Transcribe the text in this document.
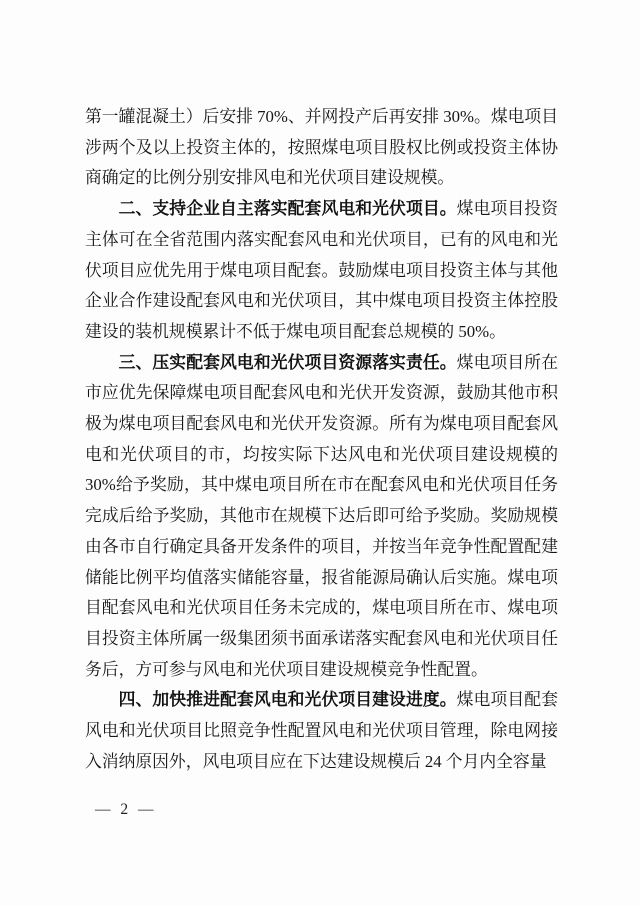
第一罐混凝土）后安排 70%、并网投产后再安排 30%。煤电项目涉两个及以上投资主体的，按照煤电项目股权比例或投资主体协商确定的比例分别安排风电和光伏项目建设规模。

二、支持企业自主落实配套风电和光伏项目。煤电项目投资主体可在全省范围内落实配套风电和光伏项目，已有的风电和光伏项目应优先用于煤电项目配套。鼓励煤电项目投资主体与其他企业合作建设配套风电和光伏项目，其中煤电项目投资主体控股建设的装机规模累计不低于煤电项目配套总规模的 50%。

三、压实配套风电和光伏项目资源落实责任。煤电项目所在市应优先保障煤电项目配套风电和光伏开发资源，鼓励其他市积极为煤电项目配套风电和光伏开发资源。所有为煤电项目配套风电和光伏项目的市，均按实际下达风电和光伏项目建设规模的30%给予奖励，其中煤电项目所在市在配套风电和光伏项目任务完成后给予奖励，其他市在规模下达后即可给予奖励。奖励规模由各市自行确定具备开发条件的项目，并按当年竞争性配置配建储能比例平均值落实储能容量，报省能源局确认后实施。煤电项目配套风电和光伏项目任务未完成的，煤电项目所在市、煤电项目投资主体所属一级集团须书面承诺落实配套风电和光伏项目任务后，方可参与风电和光伏项目建设规模竞争性配置。

四、加快推进配套风电和光伏项目建设进度。煤电项目配套风电和光伏项目比照竞争性配置风电和光伏项目管理，除电网接入消纳原因外，风电项目应在下达建设规模后 24 个月内全容量

— 2 —
